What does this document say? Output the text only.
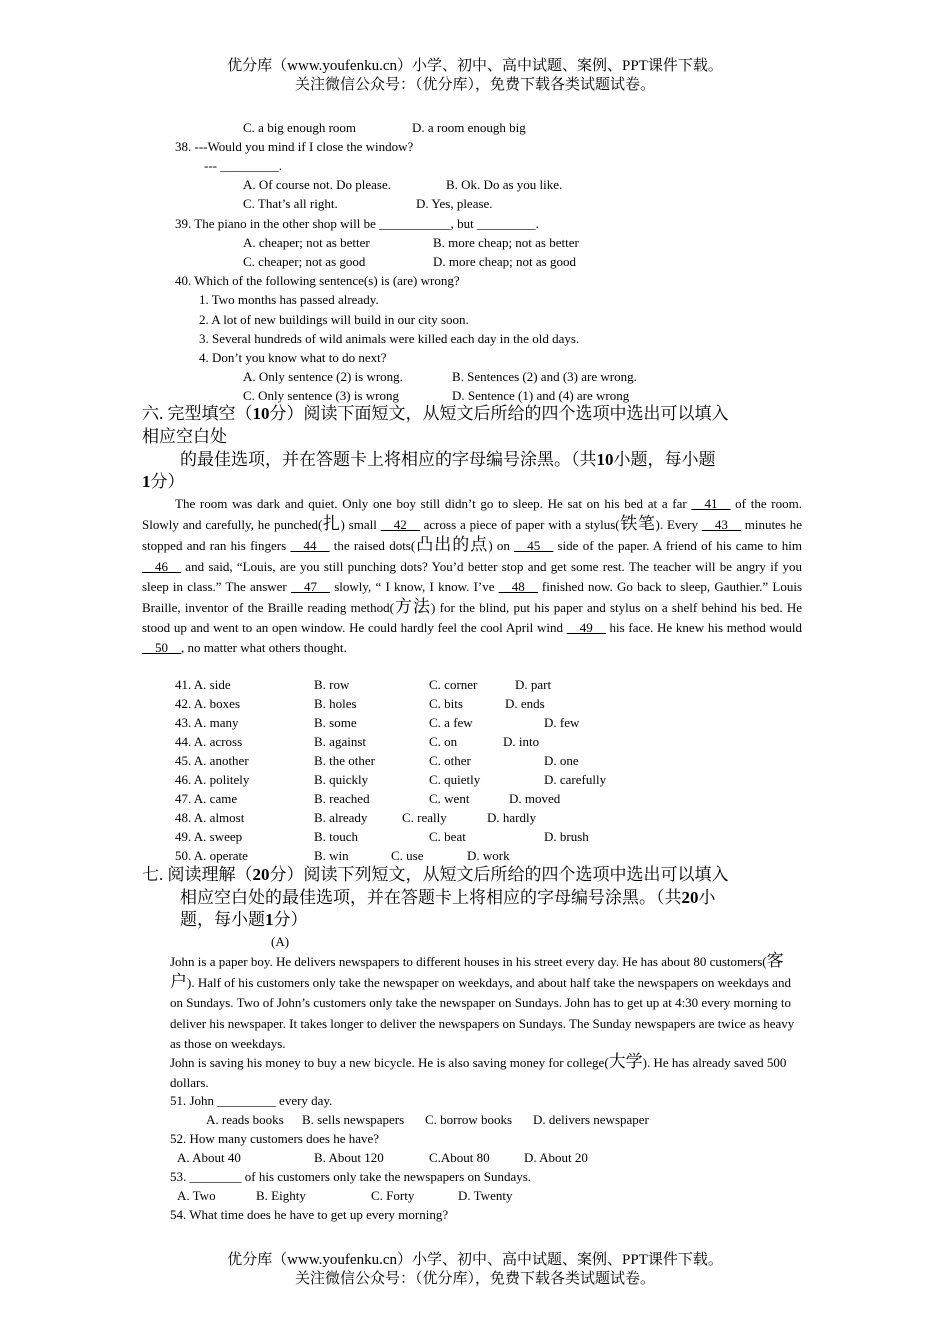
优分库（www.youfenku.cn）小学、初中、高中试题、案例、PPT课件下载。
关注微信公众号：（优分库），免费下载各类试题试卷。
C. a big enough room	D. a room enough big
38. ---Would you mind if I close the window?
--- _________.
A. Of course not. Do please.	B. Ok. Do as you like.
C. That’s all right.	D. Yes, please.
39. The piano in the other shop will be ___________, but _________.
A. cheaper; not as better	B. more cheap; not as better
C. cheaper; not as good	D. more cheap; not as good
40. Which of the following sentence(s) is (are) wrong?
1. Two months has passed already.
2. A lot of new buildings will build in our city soon.
3. Several hundreds of wild animals were killed each day in the old days.
4. Don’t you know what to do next?
A. Only sentence (2) is wrong.	B. Sentences (2) and (3) are wrong.
C. Only sentence (3) is wrong	D. Sentence (1) and (4) are wrong
六. 完型填空（10分）阅读下面短文，从短文后所给的四个选项中选出可以填入
相应空白处
的最佳选项，并在答题卡上将相应的字母编号涂黑。（共10小题，每小题
1分）
The room was dark and quiet. Only one boy still didn’t go to sleep. He sat on his bed at a far __41__ of the room. Slowly and carefully, he punched(扎) small __42__ across a piece of paper with a stylus(铁笔). Every __43__ minutes he stopped and ran his fingers __44__ the raised dots(凸出的点) on __45__ side of the paper. A friend of his came to him __46__ and said, “Louis, are you still punching dots? You’d better stop and get some rest. The teacher will be angry if you sleep in class.” The answer __47__ slowly, “ I know, I know. I’ve __48__ finished now. Go back to sleep, Gauthier.” Louis Braille, inventor of the Braille reading method(方法) for the blind, put his paper and stylus on a shelf behind his bed. He stood up and went to an open window. He could hardly feel the cool April wind __49__ his face. He knew his method would __50__, no matter what others thought.
41. A. side	B. row	C. corner	D. part
42. A. boxes	B. holes	C. bits	D. ends
43. A. many	B. some	C. a few	D. few
44. A. across	B. against	C. on	D. into
45. A. another	B. the other	C. other	D. one
46. A. politely	B. quickly	C. quietly	D. carefully
47. A. came	B. reached	C. went	D. moved
48. A. almost	B. already	C. really	D. hardly
49. A. sweep	B. touch	C. beat	D. brush
50. A. operate	B. win	C. use	D. work
七. 阅读理解（20分）阅读下列短文，从短文后所给的四个选项中选出可以填入
相应空白处的最佳选项，并在答题卡上将相应的字母编号涂黑。（共20小
题，每小题1分）
(A)
John is a paper boy. He delivers newspapers to different houses in his street every day. He has about 80 customers(客户). Half of his customers only take the newspaper on weekdays, and about half take the newspapers on weekdays and on Sundays. Two of John’s customers only take the newspaper on Sundays. John has to get up at 4:30 every morning to deliver his newspaper. It takes longer to deliver the newspapers on Sundays. The Sunday newspapers are twice as heavy as those on weekdays.
John is saving his money to buy a new bicycle. He is also saving money for college(大学). He has already saved 500 dollars.
51. John _________ every day.
A. reads books B. sells newspapers C. borrow books D. delivers newspaper
52. How many customers does he have?
A. About 40	B. About 120	C.About 80	D. About 20
53. ________ of his customers only take the newspapers on Sundays.
A. Two	B. Eighty	C. Forty	D. Twenty
54. What time does he have to get up every morning?
优分库（www.youfenku.cn）小学、初中、高中试题、案例、PPT课件下载。
关注微信公众号：（优分库），免费下载各类试题试卷。
